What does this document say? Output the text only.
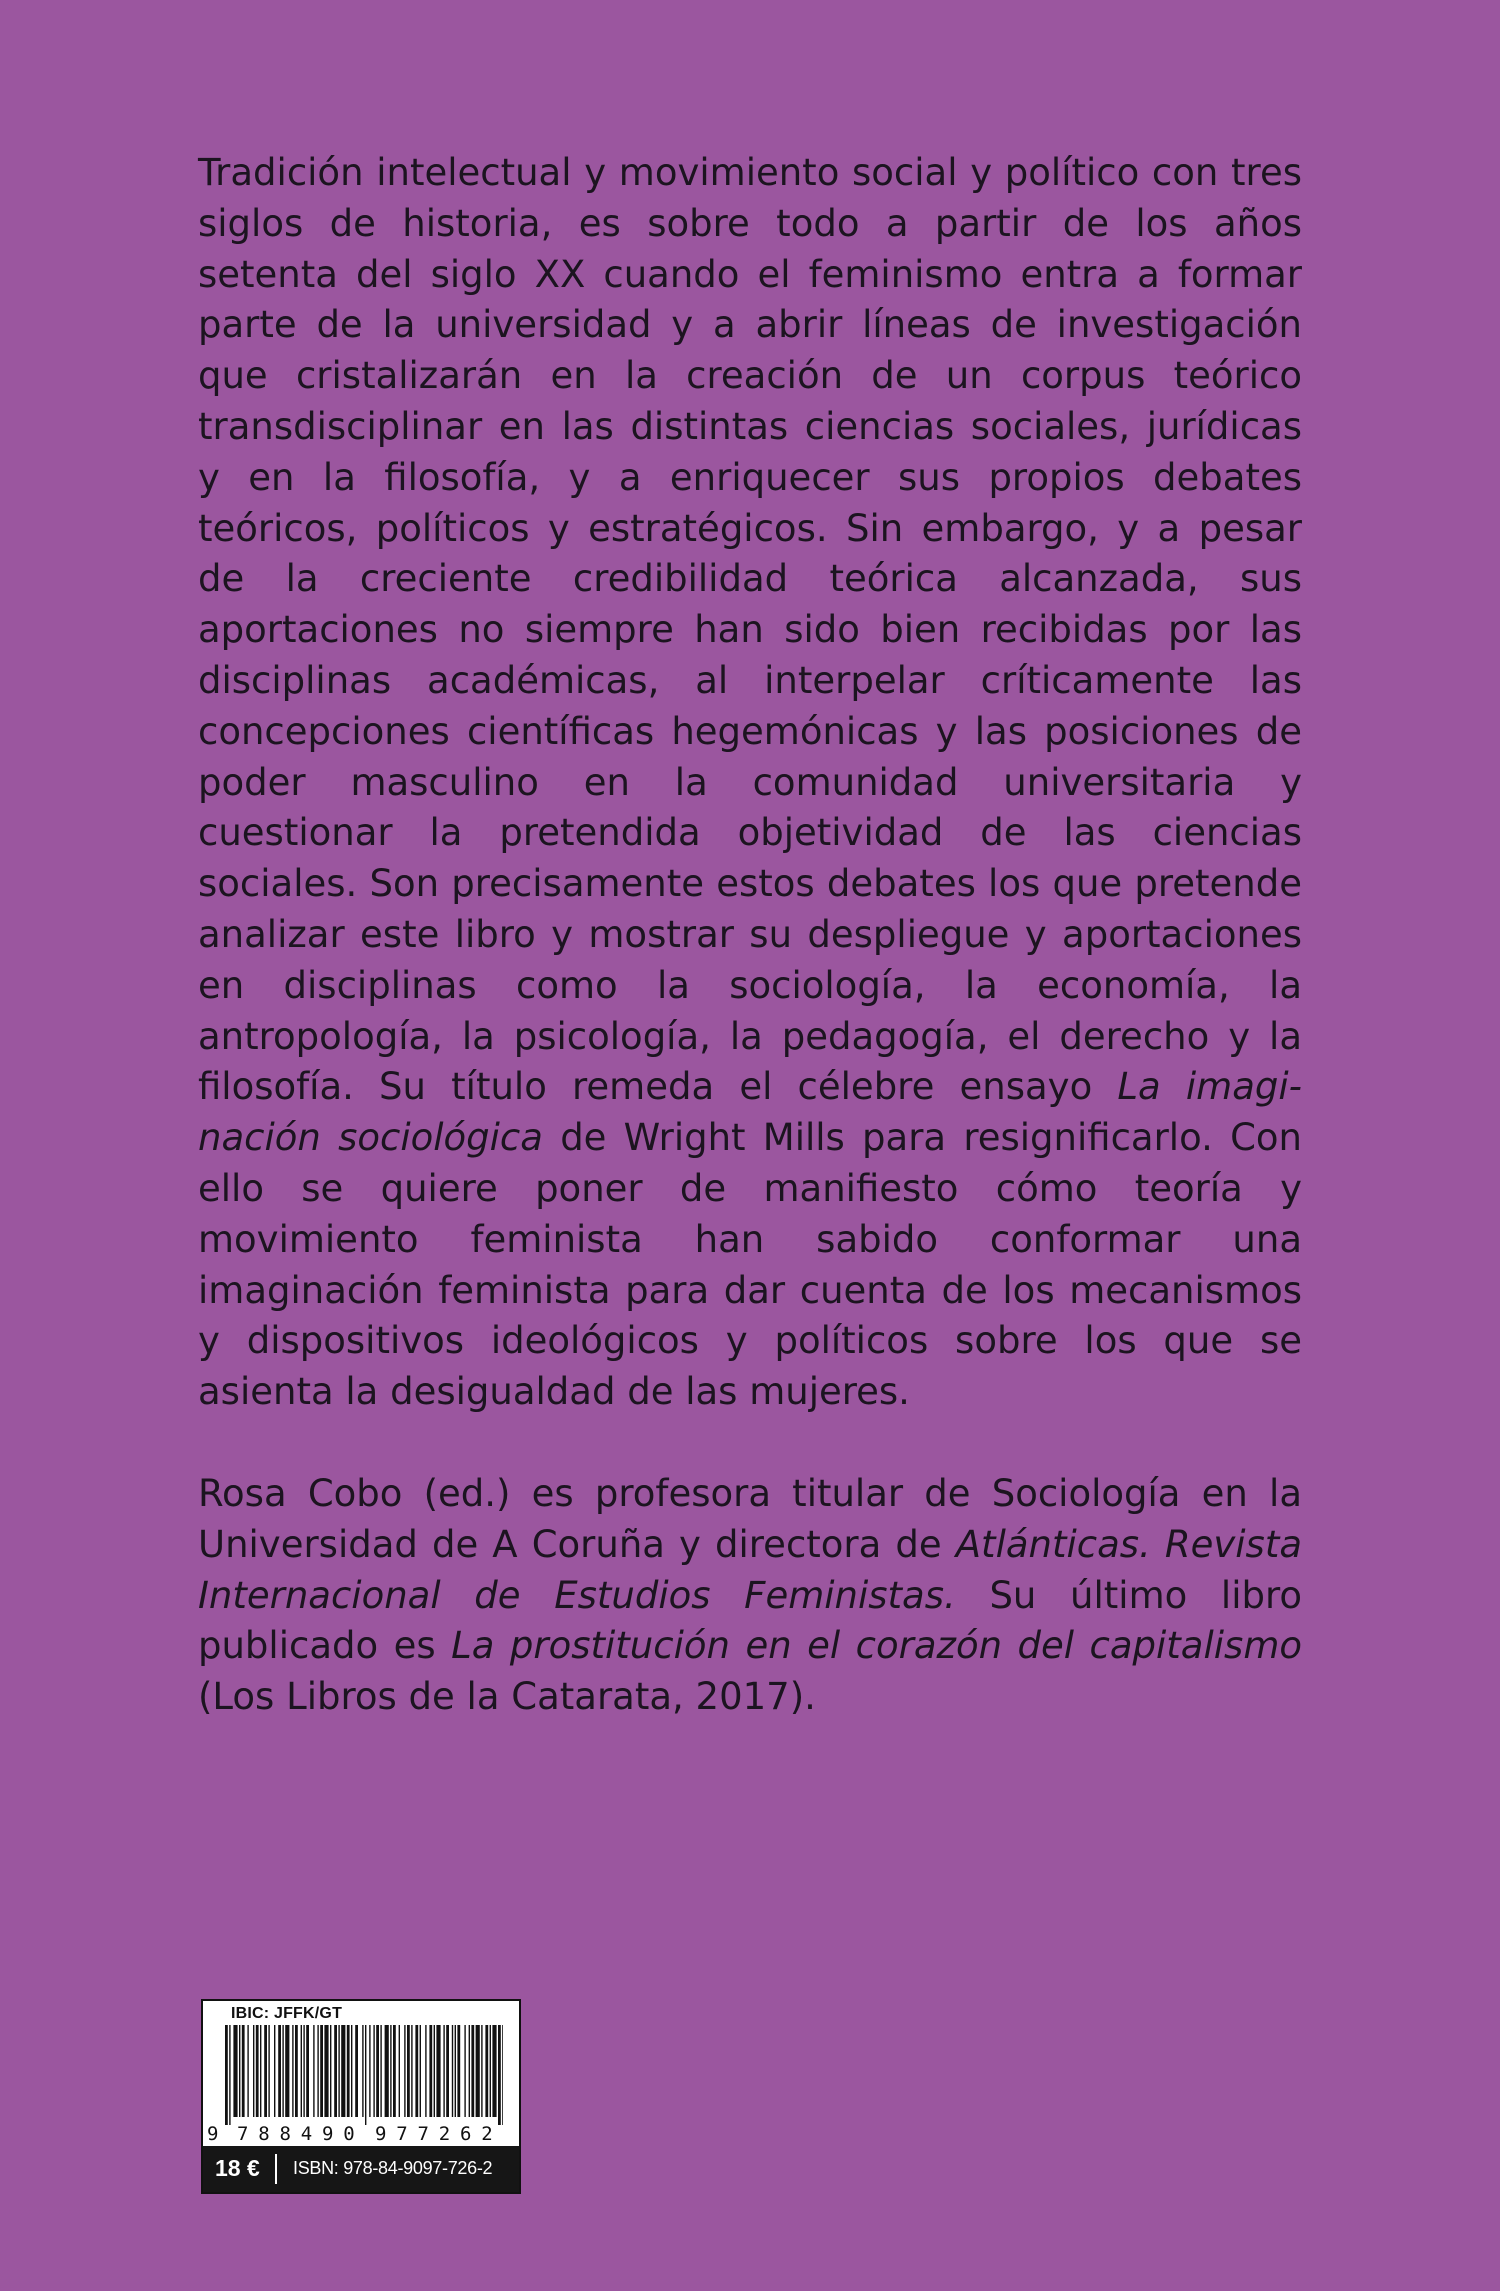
Tradición intelectual y movimiento social y político con tres siglos de historia, es sobre todo a partir de los años setenta del siglo XX cuando el feminismo entra a formar parte de la universidad y a abrir líneas de investigación que cristalizarán en la creación de un corpus teórico transdisciplinar en las distintas ciencias sociales, jurídicas y en la filosofía, y a enriquecer sus propios debates teóricos, políticos y estratégicos. Sin embargo, y a pesar de la creciente credibilidad teórica alcanzada, sus aportaciones no siempre han sido bien recibidas por las disciplinas académicas, al interpelar críticamente las concepciones científicas hegemónicas y las posiciones de poder masculino en la comunidad universitaria y cuestionar la pretendida objetividad de las ciencias sociales. Son precisamente estos debates los que pretende analizar este libro y mostrar su despliegue y aportaciones en disciplinas como la sociología, la economía, la antropología, la psicología, la pedagogía, el derecho y la filosofía. Su título remeda el célebre ensayo La imaginación sociológica de Wright Mills para resignificarlo. Con ello se quiere poner de manifiesto cómo teoría y movimiento feminista han sabido conformar una imaginación feminista para dar cuenta de los mecanismos y dispositivos ideológicos y políticos sobre los que se asienta la desigualdad de las mujeres.

Rosa Cobo (ed.) es profesora titular de Sociología en la Universidad de A Coruña y directora de Atlánticas. Revista Internacional de Estudios Feministas. Su último libro publicado es La prostitución en el corazón del capitalismo (Los Libros de la Catarata, 2017).

IBIC: JFFK/GT
9 788490 977262
18 € ISBN: 978-84-9097-726-2
